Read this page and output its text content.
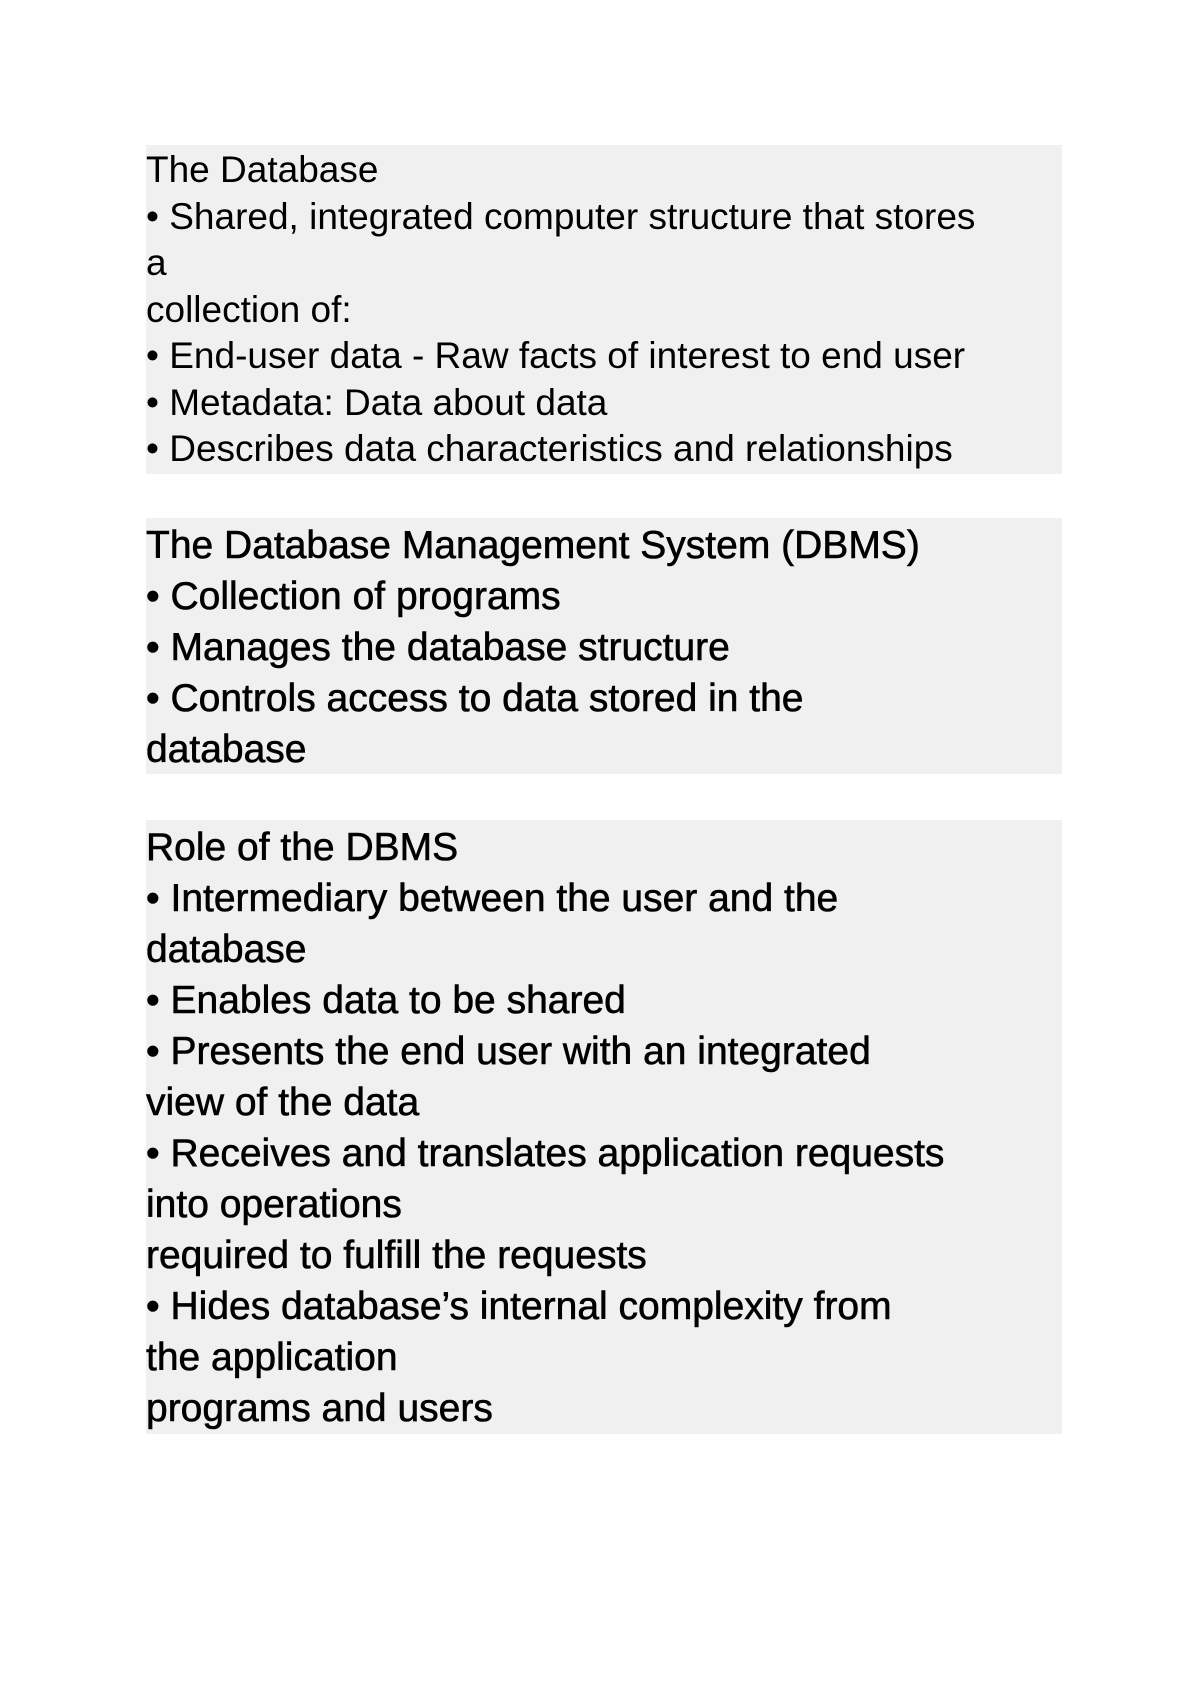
The Database
• Shared, integrated computer structure that stores
a
collection of:
• End-user data - Raw facts of interest to end user
• Metadata: Data about data
• Describes data characteristics and relationships
The Database Management System (DBMS)
• Collection of programs
• Manages the database structure
• Controls access to data stored in the
database
Role of the DBMS
• Intermediary between the user and the
database
• Enables data to be shared
• Presents the end user with an integrated
view of the data
• Receives and translates application requests
into operations
required to fulfill the requests
• Hides database’s internal complexity from
the application
programs and users
